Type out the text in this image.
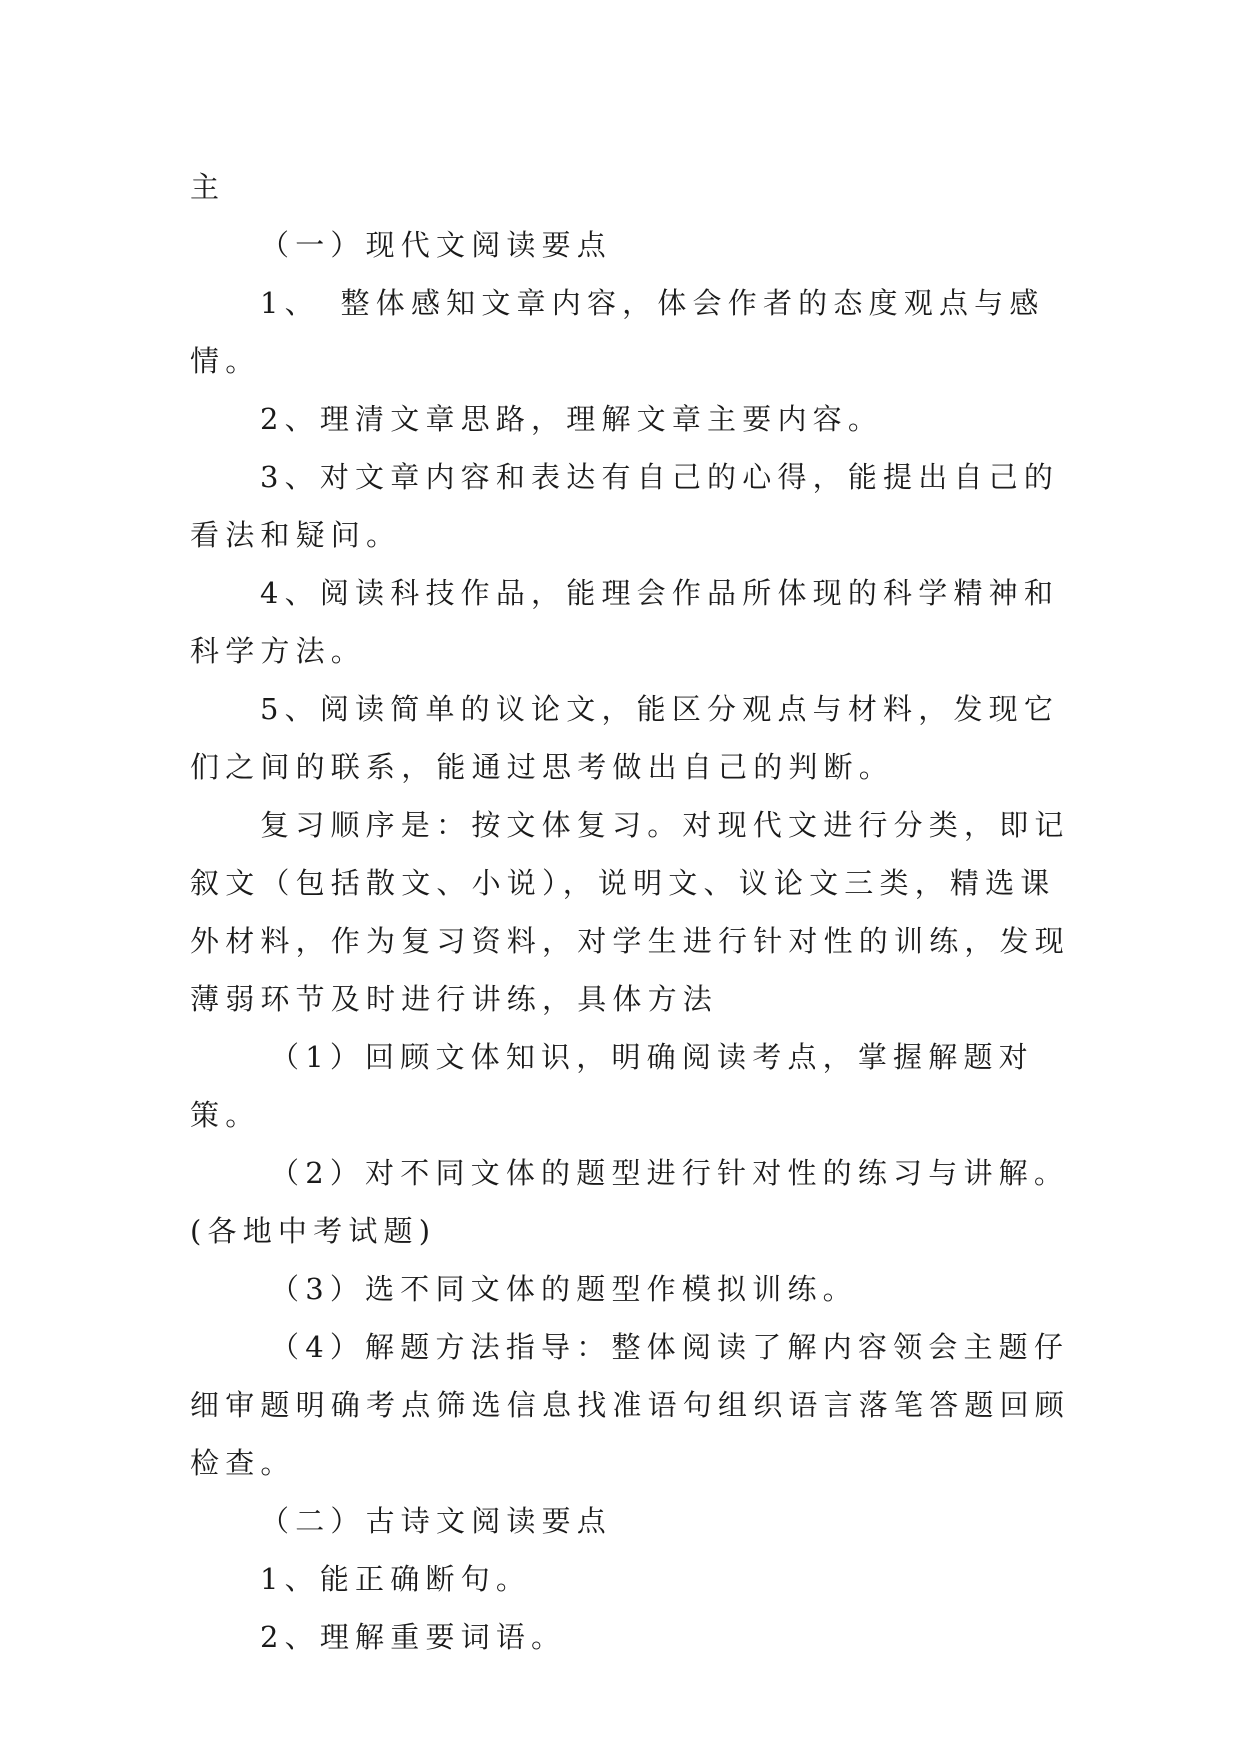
主

（一）现代文阅读要点

1、　整体感知文章内容，体会作者的态度观点与感情。

2、理清文章思路，理解文章主要内容。

3、对文章内容和表达有自己的心得，能提出自己的看法和疑问。

4、阅读科技作品，能理会作品所体现的科学精神和科学方法。

5、阅读简单的议论文，能区分观点与材料，发现它们之间的联系，能通过思考做出自己的判断。

复习顺序是：按文体复习。对现代文进行分类，即记叙文（包括散文、小说），说明文、议论文三类，精选课外材料，作为复习资料，对学生进行针对性的训练，发现薄弱环节及时进行讲练，具体方法

（1）回顾文体知识，明确阅读考点，掌握解题对策。

（2）对不同文体的题型进行针对性的练习与讲解。(各地中考试题)

（3）选不同文体的题型作模拟训练。

（4）解题方法指导：整体阅读了解内容领会主题仔细审题明确考点筛选信息找准语句组织语言落笔答题回顾检查。

（二）古诗文阅读要点

1、能正确断句。

2、理解重要词语。
